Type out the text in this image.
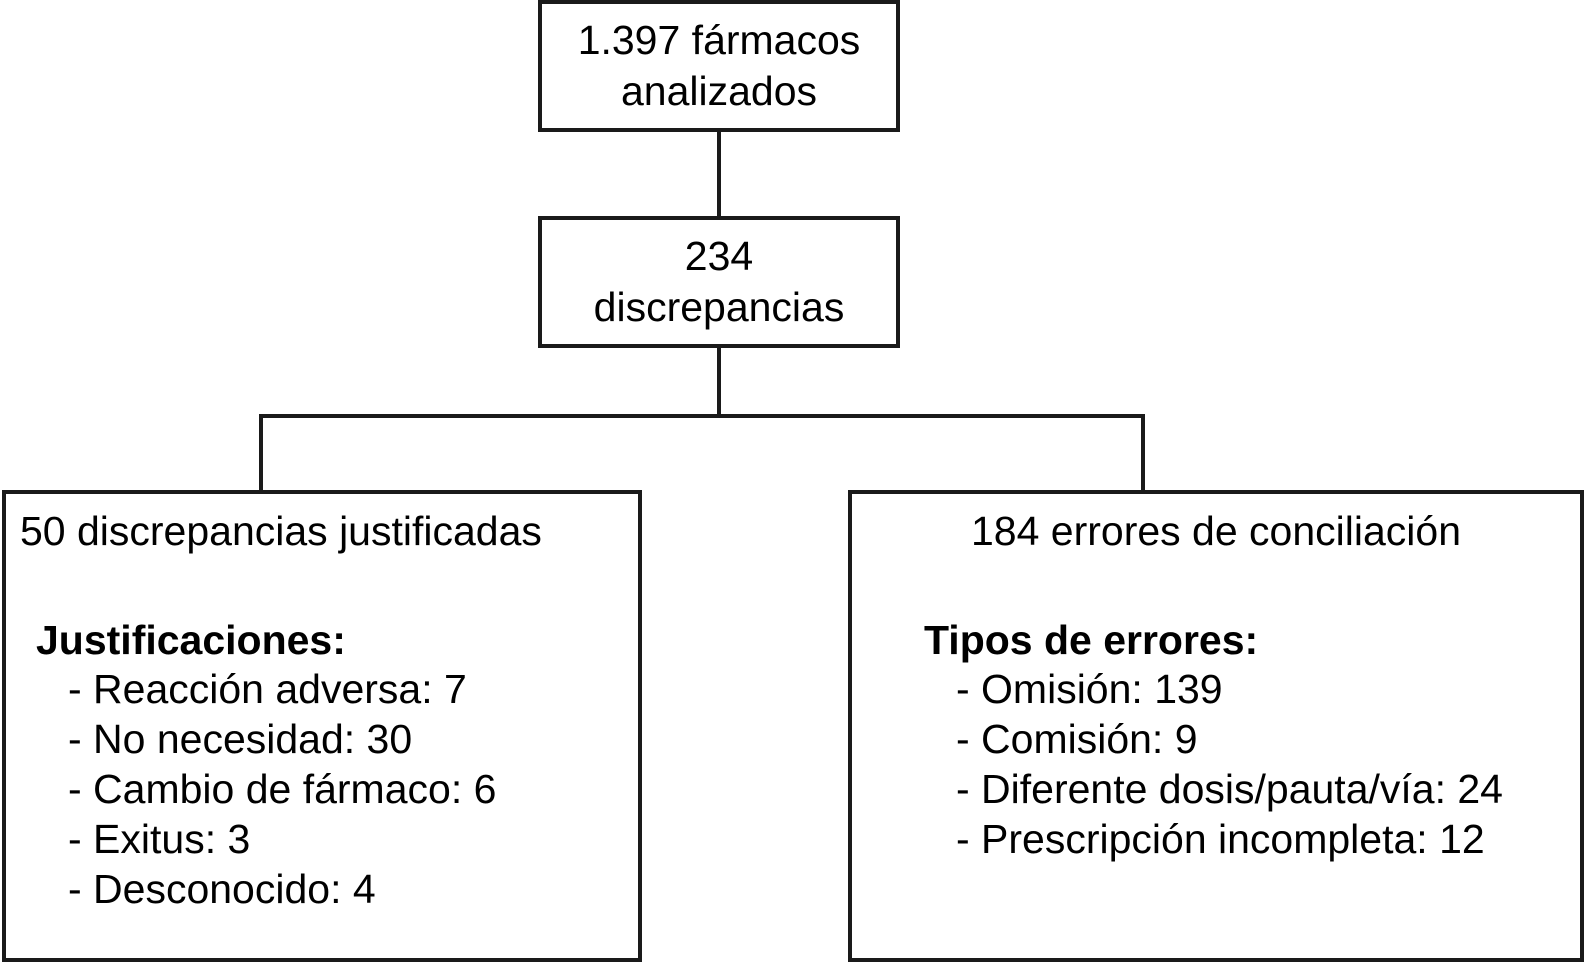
1.397 fármacos
analizados
234
discrepancias
50 discrepancias justificadas
Justificaciones:
- Reacción adversa: 7
- No necesidad: 30
- Cambio de fármaco: 6
- Exitus: 3
- Desconocido: 4
184 errores de conciliación
Tipos de errores:
- Omisión: 139
- Comisión: 9
- Diferente dosis/pauta/vía: 24
- Prescripción incompleta: 12
